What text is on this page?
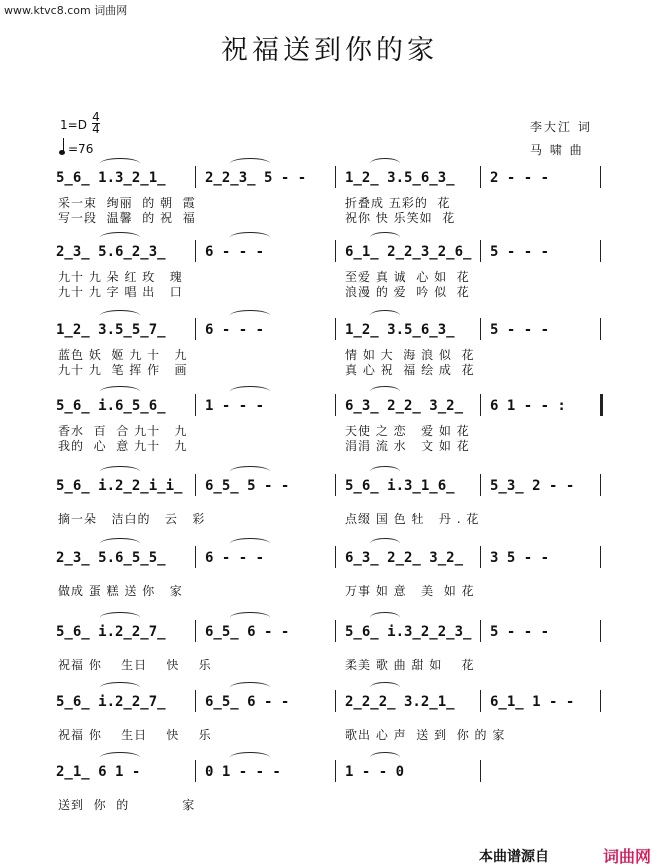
www.ktvc8.com 词曲网
祝福送到你的家
1=D
4
4
=76
李大江 词
马 啸 曲
5̲6̲ 1.3̲2̲1̲	2̲2̲3̲ 5 - -	1̲2̲ 3.5̲6̲3̲	2 - - -
采一束  绚丽  的 朝  霞	折叠成 五彩的  花
写一段  温馨  的 祝  福	祝你 快 乐笑如  花
2̲3̲ 5.6̲2̲3̲	6 - - -	6̲1̲ 2̲2̲3̲2̲6̲ 5 - - -
九十 九 朵 红 玫   瑰	至爱 真 诚  心 如  花
九十 九 字 唱 出   口	浪漫 的 爱  吟 似  花
1̲2̲ 3.5̲5̲7̲	6 - - -	1̲2̲ 3.5̲6̲3̲	5 - - -
蓝色 妖  姬 九 十   九	情 如 大  海 浪 似  花
九十 九  笔 挥 作   画	真 心 祝  福 绘 成  花
5̲6̲ i.6̲5̲6̲	1 - - -	6̲3̲ 2̲2̲ 3̲2̲ 6 1 - - :
香水  百  合 九十   九	天使 之 恋   爱 如 花
我的  心  意 九十   九	涓涓 流 水   文 如 花
5̲6̲ i.2̲2̲i̲i̲ 6̲5̲ 5 - -	5̲6̲ i.3̲1̲6̲	5̲3̲ 2 - -
摘一朵   洁白的   云   彩	点缀 国 色 牡   丹 . 花
2̲3̲ 5.6̲5̲5̲	6 - - -	6̲3̲ 2̲2̲ 3̲2̲ 3 5 - -
做成 蛋 糕 送 你   家	万事 如 意   美  如 花
5̲6̲ i.2̲2̲7̲	6̲5̲ 6 - -	5̲6̲ i.3̲2̲2̲3̲ 5 - - -
祝福 你    生日    快    乐	柔美 歌 曲 甜 如    花
5̲6̲ i.2̲2̲7̲	6̲5̲ 6 - -	2̲2̲2̲ 3.2̲1̲	6̲1̲ 1 - -
祝福 你    生日    快    乐	歌出 心 声  送 到  你 的 家
2̲1̲ 6 1 -	0 1 - - -	1 - - 0
送到  你  的           家
本曲谱源自	词曲网
